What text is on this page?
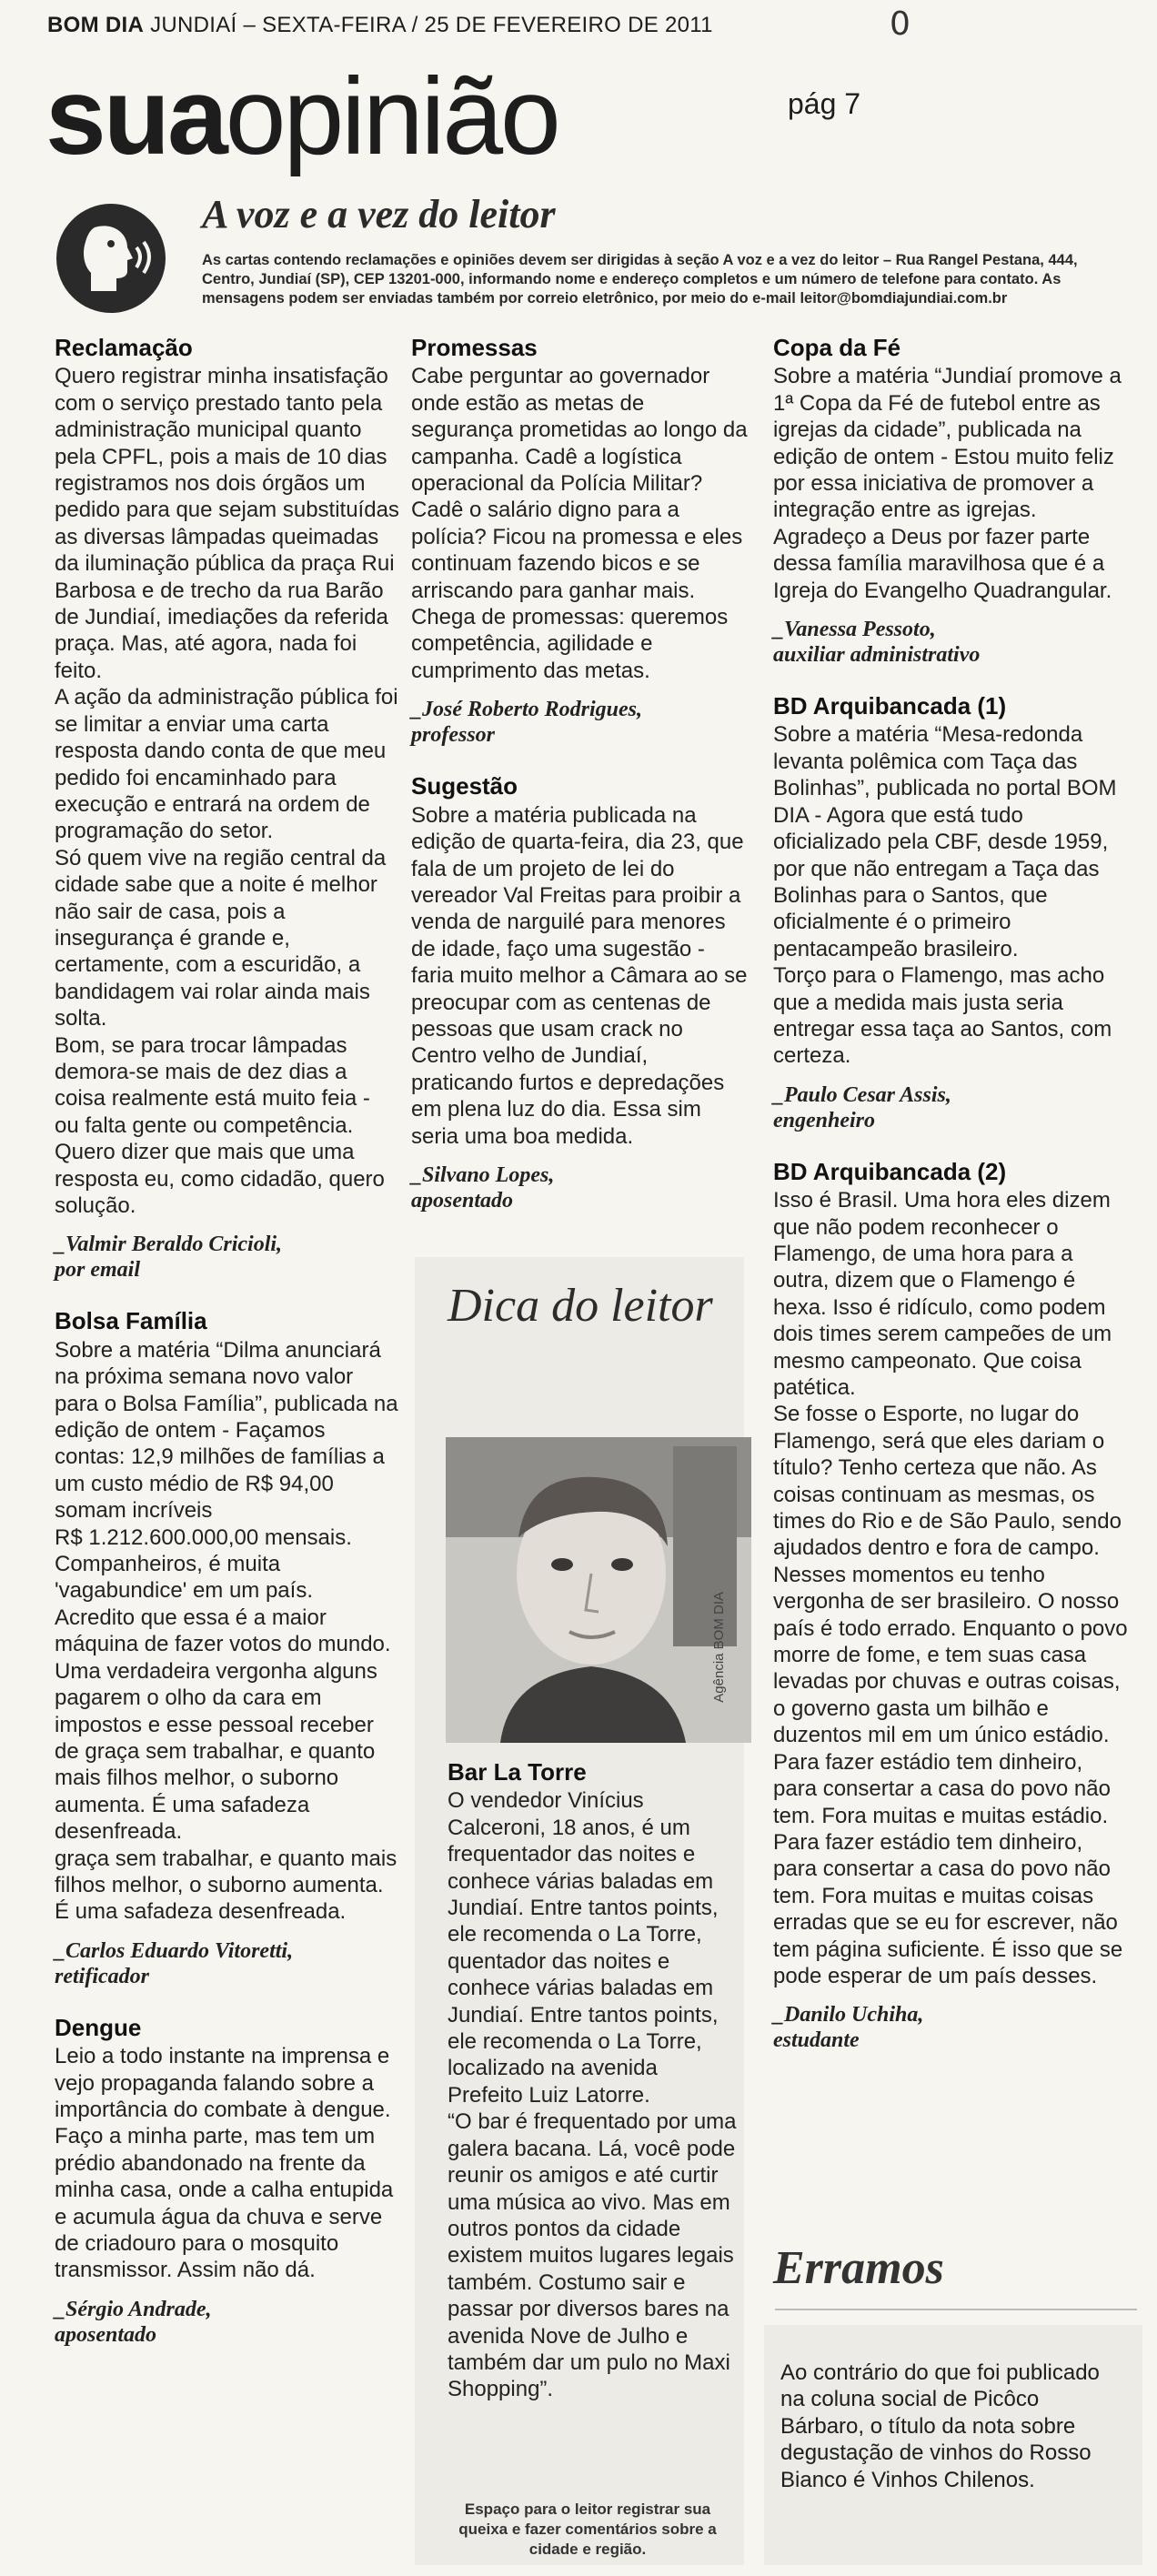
BOM DIA JUNDIAÍ – SEXTA-FEIRA / 25 DE FEVEREIRO DE 2011	0
suaopinião	pág 7
A voz e a vez do leitor
As cartas contendo reclamações e opiniões devem ser dirigidas à seção A voz e a vez do leitor – Rua Rangel Pestana, 444, Centro, Jundiaí (SP), CEP 13201-000, informando nome e endereço completos e um número de telefone para contato. As mensagens podem ser enviadas também por correio eletrônico, por meio do e-mail leitor@bomdiajundiai.com.br
Reclamação

Quero registrar minha insatisfação com o serviço prestado tanto pela administração municipal quanto pela CPFL, pois a mais de 10 dias registramos nos dois órgãos um pedido para que sejam substituídas as diversas lâmpadas queimadas da iluminação pública da praça Rui Barbosa e de trecho da rua Barão de Jundiaí, imediações da referida praça. Mas, até agora, nada foi feito.

A ação da administração pública foi se limitar a enviar uma carta resposta dando conta de que meu pedido foi encaminhado para execução e entrará na ordem de programação do setor.

Só quem vive na região central da cidade sabe que a noite é melhor não sair de casa, pois a insegurança é grande e, certamente, com a escuridão, a bandidagem vai rolar ainda mais solta.

Bom, se para trocar lâmpadas demora-se mais de dez dias a coisa realmente está muito feia - ou falta gente ou competência. Quero dizer que mais que uma resposta eu, como cidadão, quero solução.

_Valmir Beraldo Cricioli,
por email
Bolsa Família

Sobre a matéria “Dilma anunciará na próxima semana novo valor para o Bolsa Família”, publicada na edição de ontem - Façamos contas: 12,9 milhões de famílias a um custo médio de R$ 94,00 somam incríveis

R$ 1.212.600.000,00 mensais. Companheiros, é muita 'vagabundice' em um país.

Acredito que essa é a maior máquina de fazer votos do mundo. Uma verdadeira vergonha alguns pagarem o olho da cara em impostos e esse pessoal receber de graça sem trabalhar, e quanto mais filhos melhor, o suborno aumenta. É uma safadeza desenfreada.

graça sem trabalhar, e quanto mais filhos melhor, o suborno aumenta. É uma safadeza desenfreada.

_Carlos Eduardo Vitoretti,
retificador
Dengue

Leio a todo instante na imprensa e vejo propaganda falando sobre a importância do combate à dengue. Faço a minha parte, mas tem um prédio abandonado na frente da minha casa, onde a calha entupida e acumula água da chuva e serve de criadouro para o mosquito transmissor. Assim não dá.

_Sérgio Andrade,
aposentado
Promessas

Cabe perguntar ao governador onde estão as metas de segurança prometidas ao longo da campanha. Cadê a logística operacional da Polícia Militar? Cadê o salário digno para a polícia? Ficou na promessa e eles continuam fazendo bicos e se arriscando para ganhar mais. Chega de promessas: queremos competência, agilidade e cumprimento das metas.

_José Roberto Rodrigues,
professor
Sugestão

Sobre a matéria publicada na edição de quarta-feira, dia 23, que fala de um projeto de lei do vereador Val Freitas para proibir a venda de narguilé para menores de idade, faço uma sugestão - faria muito melhor a Câmara ao se preocupar com as centenas de pessoas que usam crack no Centro velho de Jundiaí, praticando furtos e depredações em plena luz do dia. Essa sim seria uma boa medida.

_Silvano Lopes,
aposentado
Dica do leitor
Agência BOM DIA
Bar La Torre

O vendedor Vinícius Calceroni, 18 anos, é um frequentador das noites e conhece várias baladas em Jundiaí. Entre tantos points, ele recomenda o La Torre,

quentador das noites e conhece várias baladas em Jundiaí. Entre tantos points, ele recomenda o La Torre, localizado na avenida Prefeito Luiz Latorre.

“O bar é frequentado por uma galera bacana. Lá, você pode reunir os amigos e até curtir uma música ao vivo. Mas em outros pontos da cidade existem muitos lugares legais também. Costumo sair e passar por diversos bares na avenida Nove de Julho e também dar um pulo no Maxi Shopping”.

Espaço para o leitor registrar sua queixa e fazer comentários sobre a cidade e região.
Copa da Fé

Sobre a matéria “Jundiaí promove a 1ª Copa da Fé de futebol entre as igrejas da cidade”, publicada na edição de ontem - Estou muito feliz por essa iniciativa de promover a integração entre as igrejas. Agradeço a Deus por fazer parte dessa família maravilhosa que é a Igreja do Evangelho Quadrangular.

_Vanessa Pessoto,
auxiliar administrativo
BD Arquibancada (1)

Sobre a matéria “Mesa-redonda levanta polêmica com Taça das Bolinhas”, publicada no portal BOM DIA - Agora que está tudo oficializado pela CBF, desde 1959, por que não entregam a Taça das Bolinhas para o Santos, que oficialmente é o primeiro pentacampeão brasileiro.

Torço para o Flamengo, mas acho que a medida mais justa seria entregar essa taça ao Santos, com certeza.

_Paulo Cesar Assis,
engenheiro
BD Arquibancada (2)

Isso é Brasil. Uma hora eles dizem que não podem reconhecer o Flamengo, de uma hora para a outra, dizem que o Flamengo é hexa. Isso é ridículo, como podem dois times serem campeões de um mesmo campeonato. Que coisa patética.

Se fosse o Esporte, no lugar do Flamengo, será que eles dariam o título? Tenho certeza que não. As coisas continuam as mesmas, os times do Rio e de São Paulo, sendo ajudados dentro e fora de campo.

Nesses momentos eu tenho vergonha de ser brasileiro. O nosso país é todo errado. Enquanto o povo morre de fome, e tem suas casa levadas por chuvas e outras coisas, o governo gasta um bilhão e duzentos mil em um único estádio.

Para fazer estádio tem dinheiro, para consertar a casa do povo não tem. Fora muitas e muitas estádio.

Para fazer estádio tem dinheiro, para consertar a casa do povo não tem. Fora muitas e muitas coisas erradas que se eu for escrever, não tem página suficiente. É isso que se pode esperar de um país desses.

_Danilo Uchiha,
estudante
Erramos
Ao contrário do que foi publicado na coluna social de Picôco Bárbaro, o título da nota sobre degustação de vinhos do Rosso Bianco é Vinhos Chilenos.
